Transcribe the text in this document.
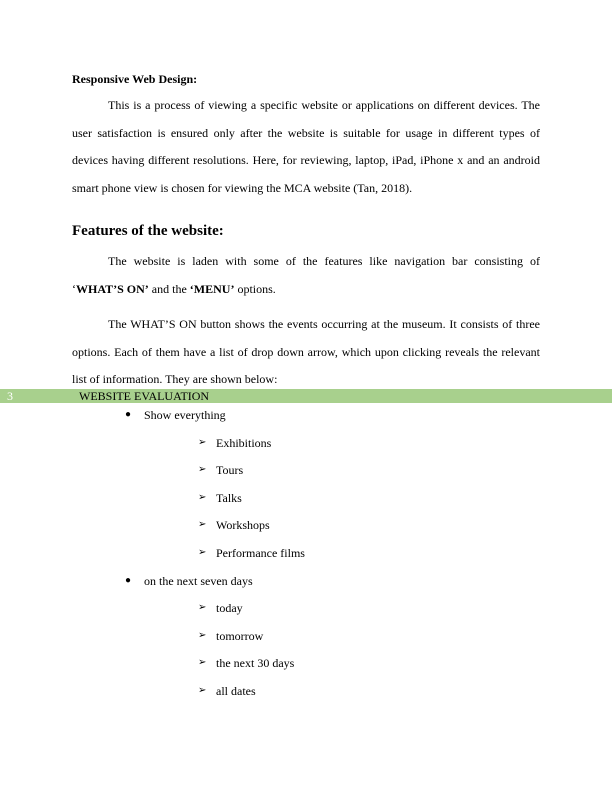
Responsive Web Design:

This is a process of viewing a specific website or applications on different devices. The user satisfaction is ensured only after the website is suitable for usage in different types of devices having different resolutions. Here, for reviewing, laptop, iPad, iPhone x and an android smart phone view is chosen for viewing the MCA website (Tan, 2018).

Features of the website:

The website is laden with some of the features like navigation bar consisting of ‘WHAT’S ON’ and the ‘MENU’ options.

The WHAT’S ON button shows the events occurring at the museum. It consists of three options. Each of them have a list of drop down arrow, which upon clicking reveals the relevant list of information. They are shown below:

3	WEBSITE EVALUATION
● Show everything
➢ Exhibitions
➢ Tours
➢ Talks
➢ Workshops
➢ Performance films
● on the next seven days
➢ today
➢ tomorrow
➢ the next 30 days
➢ all dates
